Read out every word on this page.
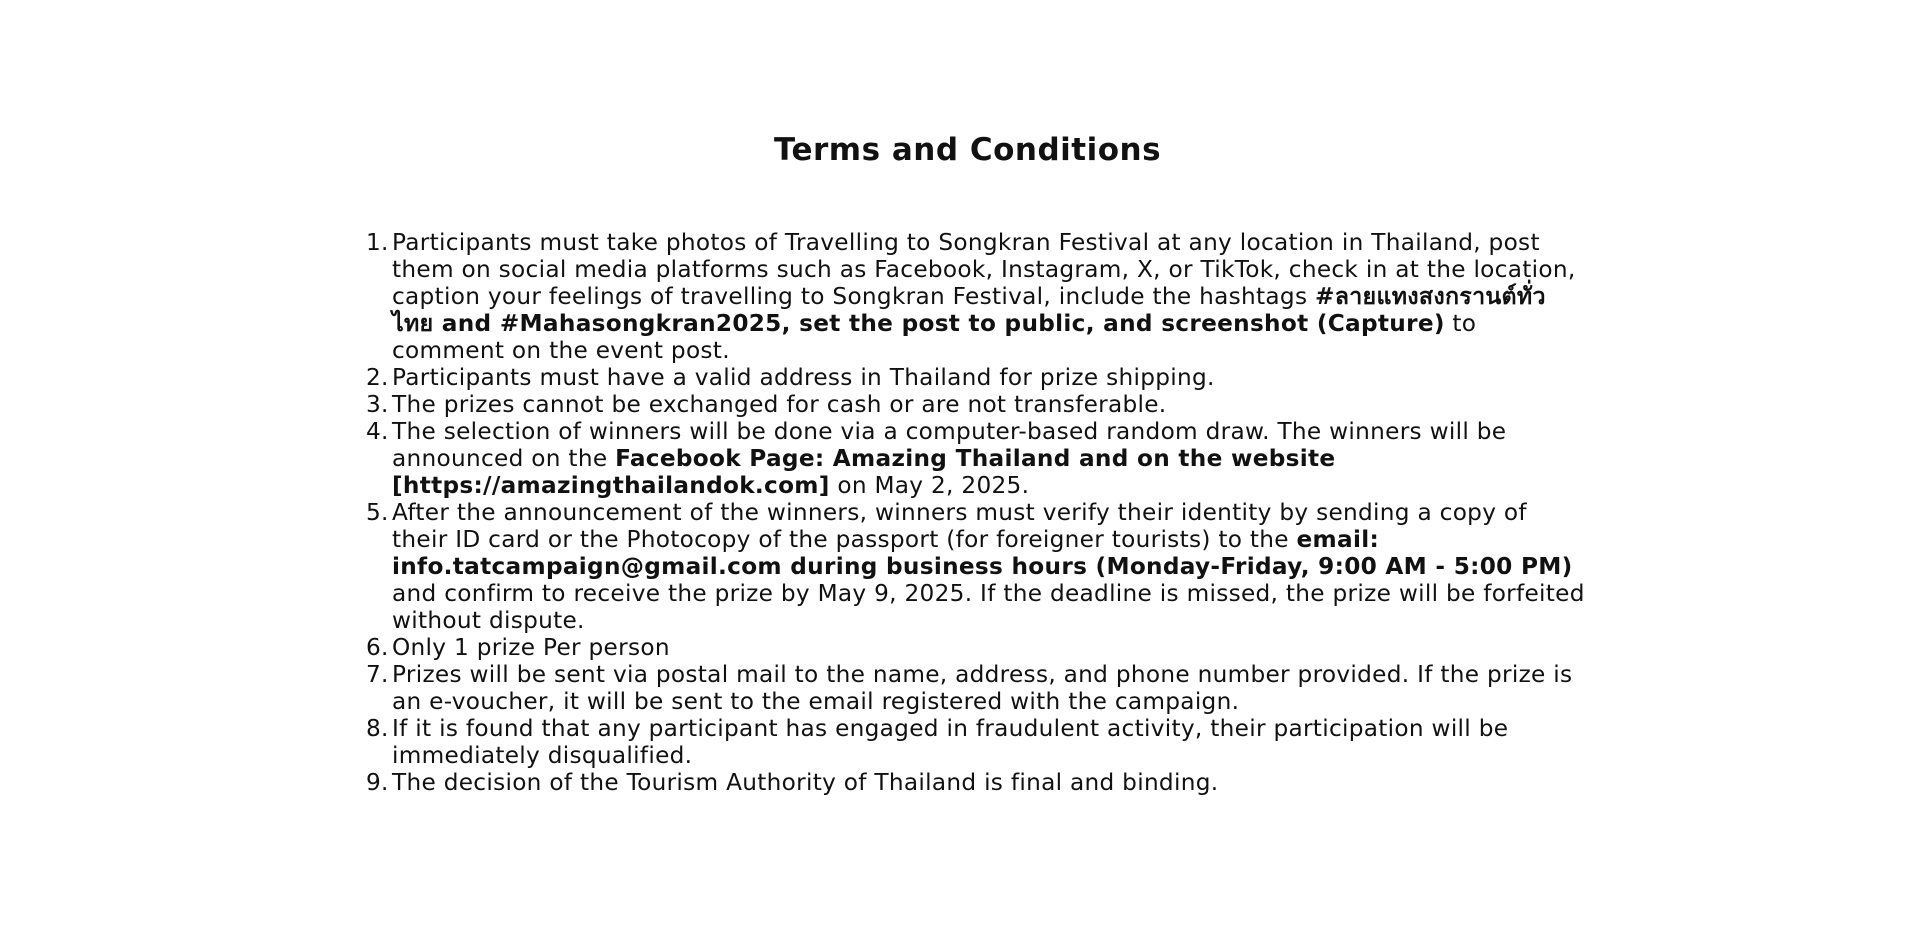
Terms and Conditions
1. Participants must take photos of Travelling to Songkran Festival at any location in Thailand, post them on social media platforms such as Facebook, Instagram, X, or TikTok, check in at the location, caption your feelings of travelling to Songkran Festival, include the hashtags #ลายแทงสงกรานต์ทั่วไทย and #Mahasongkran2025, set the post to public, and screenshot (Capture) to comment on the event post.
2. Participants must have a valid address in Thailand for prize shipping.
3. The prizes cannot be exchanged for cash or are not transferable.
4. The selection of winners will be done via a computer-based random draw. The winners will be announced on the Facebook Page: Amazing Thailand and on the website [https://amazingthailandok.com] on May 2, 2025.
5. After the announcement of the winners, winners must verify their identity by sending a copy of their ID card or the Photocopy of the passport (for foreigner tourists) to the email: info.tatcampaign@gmail.com during business hours (Monday-Friday, 9:00 AM - 5:00 PM) and confirm to receive the prize by May 9, 2025. If the deadline is missed, the prize will be forfeited without dispute.
6. Only 1 prize Per person
7. Prizes will be sent via postal mail to the name, address, and phone number provided. If the prize is an e-voucher, it will be sent to the email registered with the campaign.
8. If it is found that any participant has engaged in fraudulent activity, their participation will be immediately disqualified.
9. The decision of the Tourism Authority of Thailand is final and binding.
